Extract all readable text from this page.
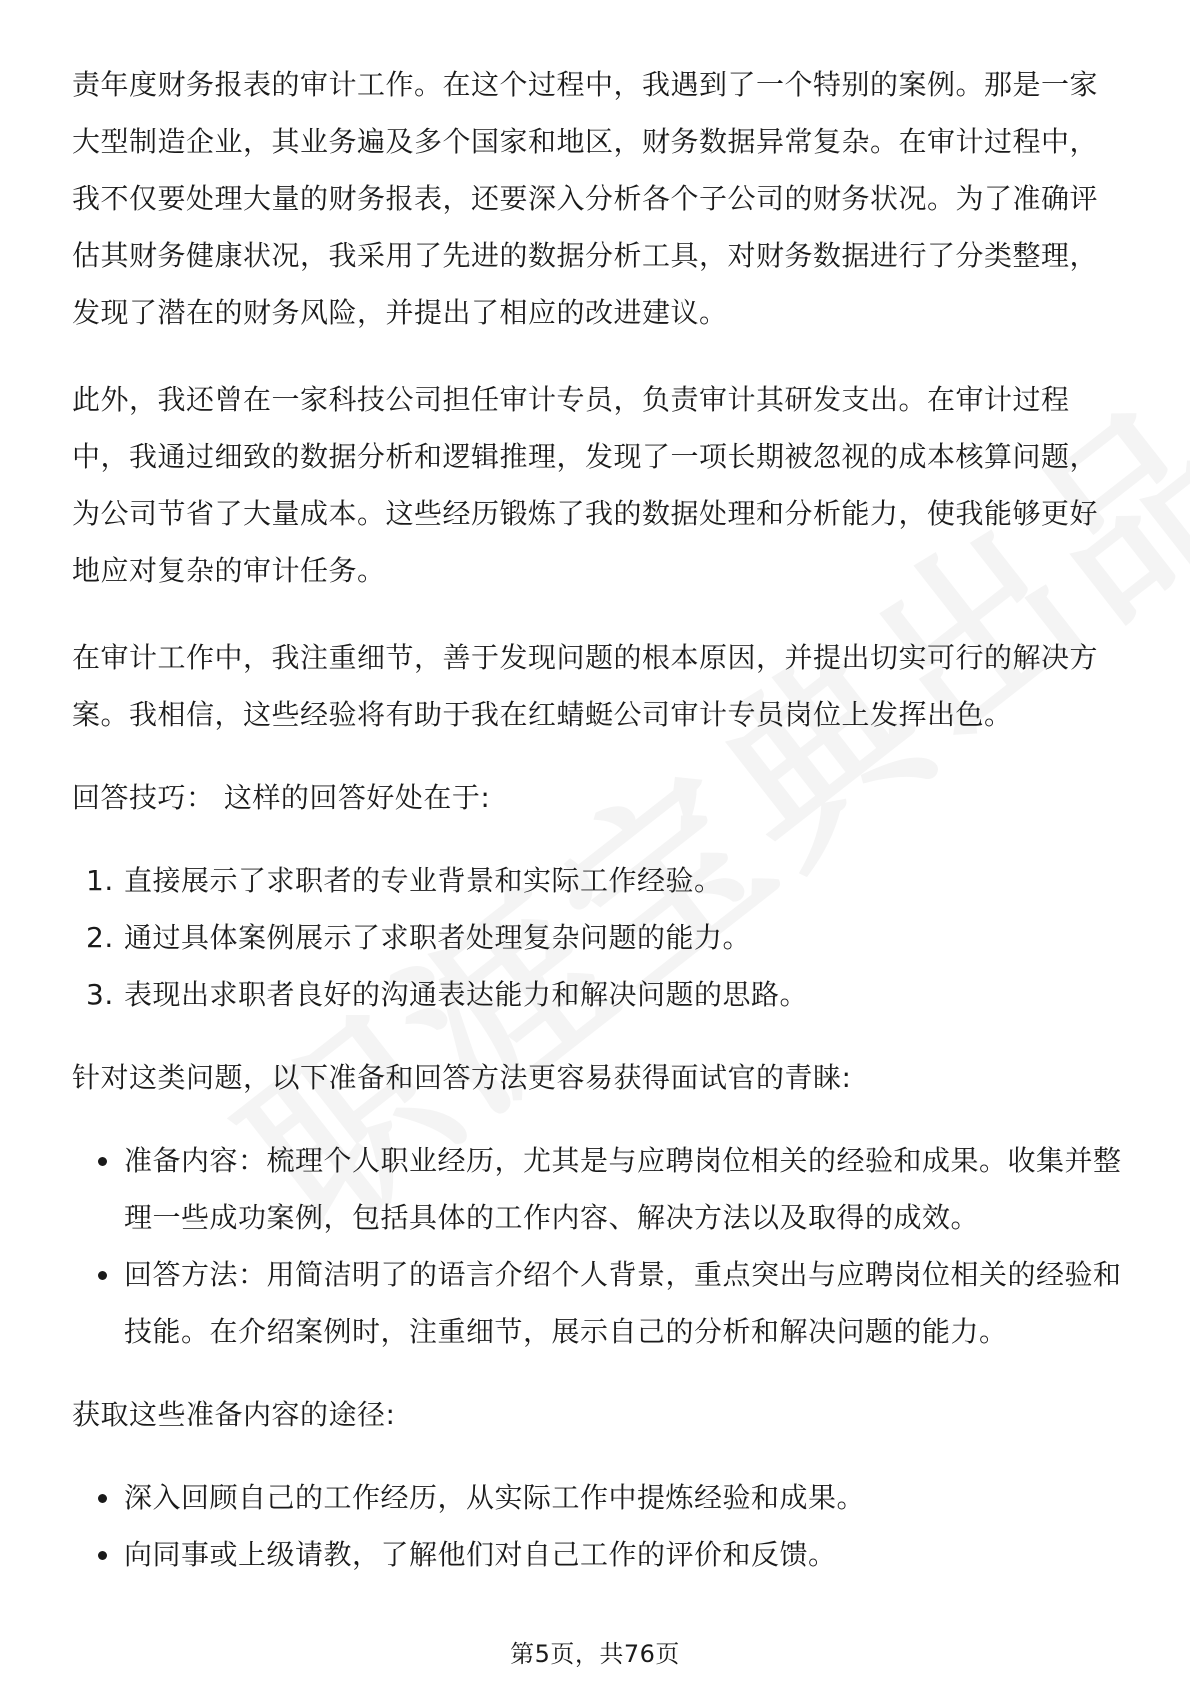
责年度财务报表的审计工作。在这个过程中，我遇到了一个特别的案例。那是一家大型制造企业，其业务遍及多个国家和地区，财务数据异常复杂。在审计过程中，我不仅要处理大量的财务报表，还要深入分析各个子公司的财务状况。为了准确评估其财务健康状况，我采用了先进的数据分析工具，对财务数据进行了分类整理，发现了潜在的财务风险，并提出了相应的改进建议。

此外，我还曾在一家科技公司担任审计专员，负责审计其研发支出。在审计过程中，我通过细致的数据分析和逻辑推理，发现了一项长期被忽视的成本核算问题，为公司节省了大量成本。这些经历锻炼了我的数据处理和分析能力，使我能够更好地应对复杂的审计任务。

在审计工作中，我注重细节，善于发现问题的根本原因，并提出切实可行的解决方案。我相信，这些经验将有助于我在红蜻蜓公司审计专员岗位上发挥出色。

回答技巧： 这样的回答好处在于:

1. 直接展示了求职者的专业背景和实际工作经验。
2. 通过具体案例展示了求职者处理复杂问题的能力。
3. 表现出求职者良好的沟通表达能力和解决问题的思路。

针对这类问题，以下准备和回答方法更容易获得面试官的青睐:

准备内容：梳理个人职业经历，尤其是与应聘岗位相关的经验和成果。收集并整理一些成功案例，包括具体的工作内容、解决方法以及取得的成效。
回答方法：用简洁明了的语言介绍个人背景，重点突出与应聘岗位相关的经验和技能。在介绍案例时，注重细节，展示自己的分析和解决问题的能力。

获取这些准备内容的途径:

深入回顾自己的工作经历，从实际工作中提炼经验和成果。
向同事或上级请教，了解他们对自己工作的评价和反馈。
第5页，共76页
